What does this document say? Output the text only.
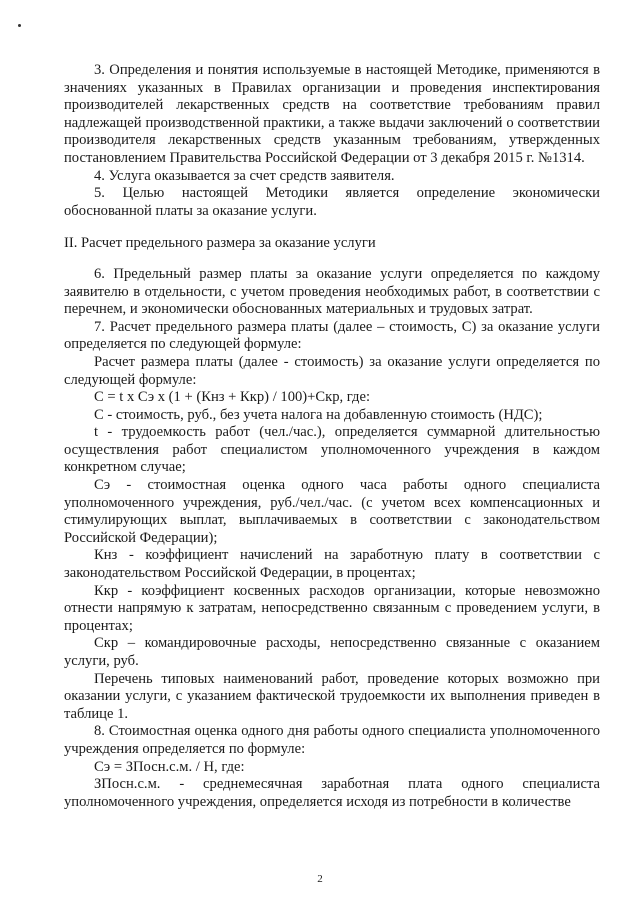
3. Определения и понятия используемые в настоящей Методике, применяются в значениях указанных в Правилах организации и проведения инспектирования производителей лекарственных средств на соответствие требованиям правил надлежащей производственной практики, а также выдачи заключений о соответствии производителя лекарственных средств указанным требованиям, утвержденных постановлением Правительства Российской Федерации от 3 декабря 2015 г. №1314.

4. Услуга оказывается за счет средств заявителя.

5. Целью настоящей Методики является определение экономически обоснованной платы за оказание услуги.

II. Расчет предельного размера за оказание услуги

6. Предельный размер платы за оказание услуги определяется по каждому заявителю в отдельности, с учетом проведения необходимых работ, в соответствии с перечнем, и экономически обоснованных материальных и трудовых затрат.

7. Расчет предельного размера платы (далее – стоимость, С) за оказание услуги определяется по следующей формуле:

Расчет размера платы (далее - стоимость) за оказание услуги определяется по следующей формуле:

С = t х Сэ х (1 + (Кнз + Ккр) / 100)+Скр, где:

С - стоимость, руб., без учета налога на добавленную стоимость (НДС);

t - трудоемкость работ (чел./час.), определяется суммарной длительностью осуществления работ специалистом уполномоченного учреждения в каждом конкретном случае;

Сэ - стоимостная оценка одного часа работы одного специалиста уполномоченного учреждения, руб./чел./час. (с учетом всех компенсационных и стимулирующих выплат, выплачиваемых в соответствии с законодательством Российской Федерации);

Кнз - коэффициент начислений на заработную плату в соответствии с законодательством Российской Федерации, в процентах;

Ккр - коэффициент косвенных расходов организации, которые невозможно отнести напрямую к затратам, непосредственно связанным с проведением услуги, в процентах;

Скр – командировочные расходы, непосредственно связанные с оказанием услуги, руб.

Перечень типовых наименований работ, проведение которых возможно при оказании услуги, с указанием фактической трудоемкости их выполнения приведен в таблице 1.

8. Стоимостная оценка одного дня работы одного специалиста уполномоченного учреждения определяется по формуле:

Сэ = ЗПосн.с.м. / Н, где:

ЗПосн.с.м. - среднемесячная заработная плата одного специалиста уполномоченного учреждения, определяется исходя из потребности в количестве

2
